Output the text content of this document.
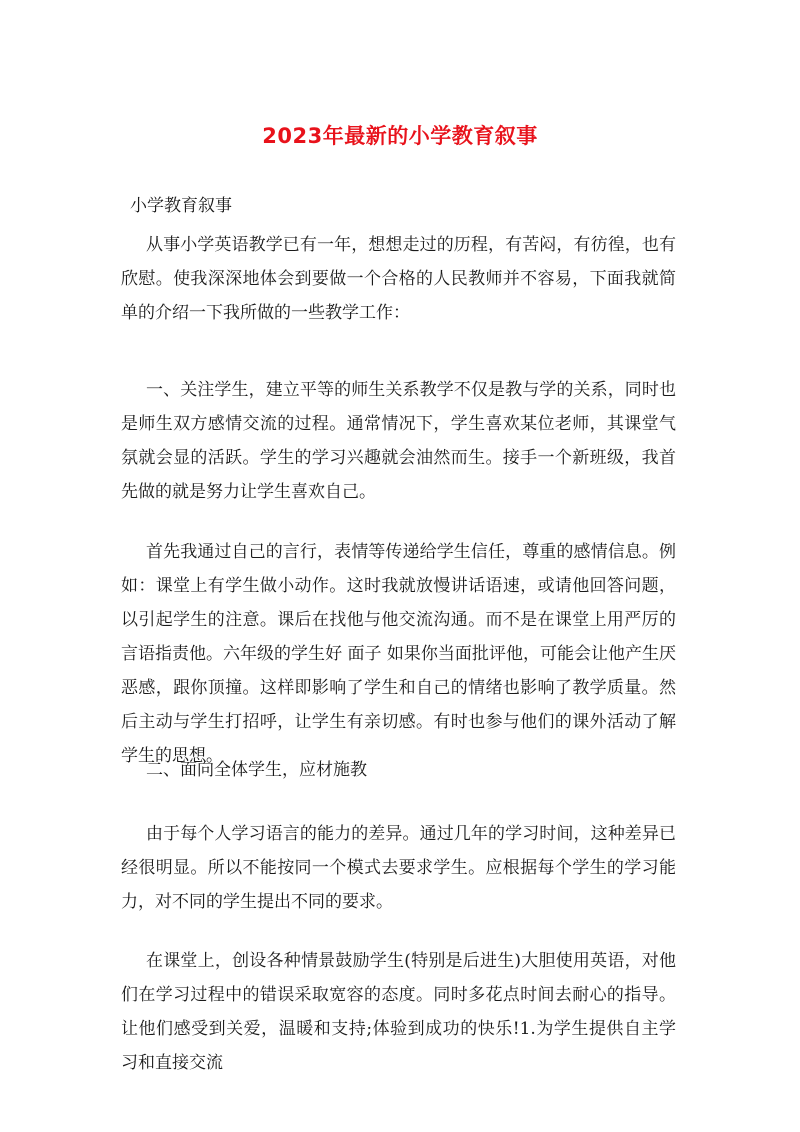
2023年最新的小学教育叙事
小学教育叙事
从事小学英语教学已有一年，想想走过的历程，有苦闷，有彷徨，也有欣慰。使我深深地体会到要做一个合格的人民教师并不容易，下面我就简单的介绍一下我所做的一些教学工作：
一、关注学生，建立平等的师生关系教学不仅是教与学的关系，同时也是师生双方感情交流的过程。通常情况下，学生喜欢某位老师，其课堂气氛就会显的活跃。学生的学习兴趣就会油然而生。接手一个新班级，我首先做的就是努力让学生喜欢自己。
首先我通过自己的言行，表情等传递给学生信任，尊重的感情信息。例如：课堂上有学生做小动作。这时我就放慢讲话语速，或请他回答问题，以引起学生的注意。课后在找他与他交流沟通。而不是在课堂上用严厉的言语指责他。六年级的学生好 面子 如果你当面批评他，可能会让他产生厌恶感，跟你顶撞。这样即影响了学生和自己的情绪也影响了教学质量。然后主动与学生打招呼，让学生有亲切感。有时也参与他们的课外活动了解学生的思想。
二、面向全体学生，应材施教
由于每个人学习语言的能力的差异。通过几年的学习时间，这种差异已经很明显。所以不能按同一个模式去要求学生。应根据每个学生的学习能力，对不同的学生提出不同的要求。
在课堂上，创设各种情景鼓励学生(特别是后进生)大胆使用英语，对他们在学习过程中的错误采取宽容的态度。同时多花点时间去耐心的指导。让他们感受到关爱，温暖和支持;体验到成功的快乐!1.为学生提供自主学习和直接交流
